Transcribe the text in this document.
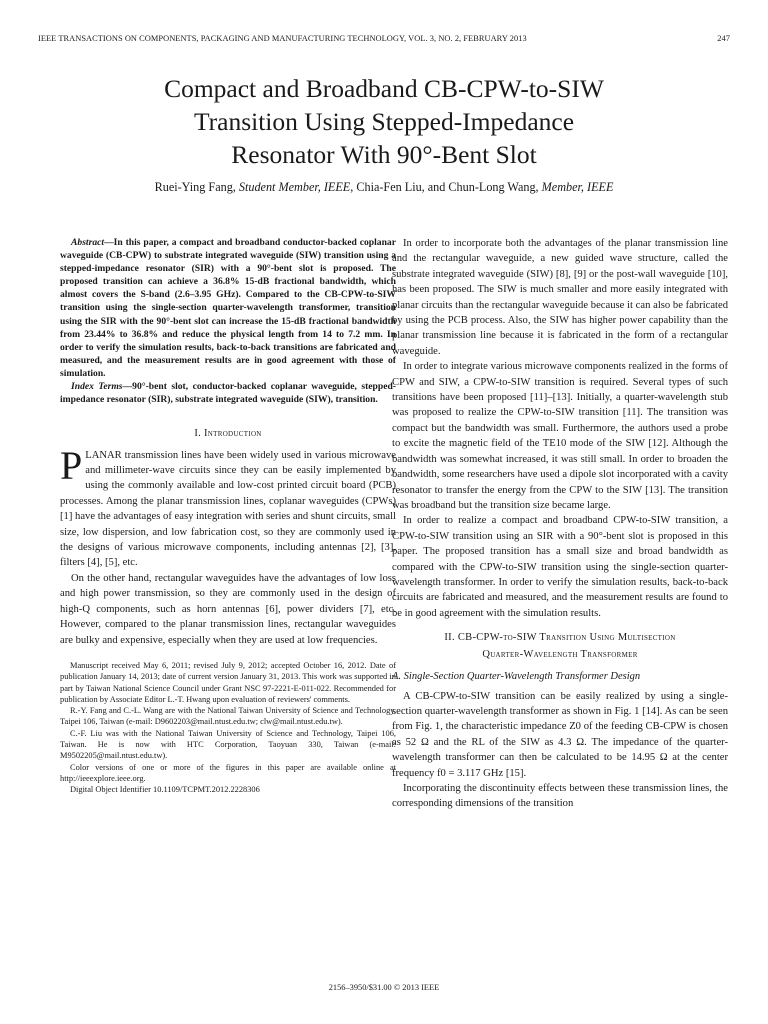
IEEE TRANSACTIONS ON COMPONENTS, PACKAGING AND MANUFACTURING TECHNOLOGY, VOL. 3, NO. 2, FEBRUARY 2013	247
Compact and Broadband CB-CPW-to-SIW
Transition Using Stepped-Impedance
Resonator With 90°-Bent Slot
Ruei-Ying Fang, Student Member, IEEE, Chia-Fen Liu, and Chun-Long Wang, Member, IEEE

Abstract—In this paper, a compact and broadband conductor-backed coplanar waveguide (CB-CPW) to substrate integrated waveguide (SIW) transition using a stepped-impedance resonator (SIR) with a 90°-bent slot is proposed. The proposed transition can achieve a 36.8% 15-dB fractional bandwidth, which almost covers the S-band (2.6–3.95 GHz). Compared to the CB-CPW-to-SIW transition using the single-section quarter-wavelength transformer, transition using the SIR with the 90°-bent slot can increase the 15-dB fractional bandwidth from 23.44% to 36.8% and reduce the physical length from 14 to 7.2 mm. In order to verify the simulation results, back-to-back transitions are fabricated and measured, and the measurement results are in good agreement with those of simulation.

Index Terms—90°-bent slot, conductor-backed coplanar waveguide, stepped-impedance resonator (SIR), substrate integrated waveguide (SIW), transition.

I. Introduction

PLANAR transmission lines have been widely used in various microwave and millimeter-wave circuits since they can be easily implemented by using the commonly available and low-cost printed circuit board (PCB) processes. Among the planar transmission lines, coplanar waveguides (CPWs) [1] have the advantages of easy integration with series and shunt circuits, small size, low dispersion, and low fabrication cost, so they are commonly used in the designs of various microwave components, including antennas [2], [3], filters [4], [5], etc.

On the other hand, rectangular waveguides have the advantages of low loss and high power transmission, so they are commonly used in the design of high-Q components, such as horn antennas [6], power dividers [7], etc. However, compared to the planar transmission lines, rectangular waveguides are bulky and expensive, especially when they are used at low frequencies.

Manuscript received May 6, 2011; revised July 9, 2012; accepted October 16, 2012. Date of publication January 14, 2013; date of current version January 31, 2013. This work was supported in part by Taiwan National Science Council under Grant NSC 97-2221-E-011-022. Recommended for publication by Associate Editor L.-T. Hwang upon evaluation of reviewers' comments.

R.-Y. Fang and C.-L. Wang are with the National Taiwan University of Science and Technology, Taipei 106, Taiwan (e-mail: D9602203@mail.ntust.edu.tw; clw@mail.ntust.edu.tw).

C.-F. Liu was with the National Taiwan University of Science and Technology, Taipei 106, Taiwan. He is now with HTC Corporation, Taoyuan 330, Taiwan (e-mail: M9502205@mail.ntust.edu.tw).

Color versions of one or more of the figures in this paper are available online at http://ieeexplore.ieee.org.

Digital Object Identifier 10.1109/TCPMT.2012.2228306

In order to incorporate both the advantages of the planar transmission line and the rectangular waveguide, a new guided wave structure, called the substrate integrated waveguide (SIW) [8], [9] or the post-wall waveguide [10], has been proposed. The SIW is much smaller and more easily integrated with planar circuits than the rectangular waveguide because it can also be fabricated by using the PCB process. Also, the SIW has higher power capability than the planar transmission line because it is fabricated in the form of a rectangular waveguide.

In order to integrate various microwave components realized in the forms of CPW and SIW, a CPW-to-SIW transition is required. Several types of such transitions have been proposed [11]–[13]. Initially, a quarter-wavelength stub was proposed to realize the CPW-to-SIW transition [11]. The transition was compact but the bandwidth was small. Furthermore, the authors used a probe to excite the magnetic field of the TE10 mode of the SIW [12]. Although the bandwidth was somewhat increased, it was still small. In order to broaden the bandwidth, some researchers have used a dipole slot incorporated with a cavity resonator to transfer the energy from the CPW to the SIW [13]. The transition was broadband but the transition size became large.

In order to realize a compact and broadband CPW-to-SIW transition, a CPW-to-SIW transition using an SIR with a 90°-bent slot is proposed in this paper. The proposed transition has a small size and broad bandwidth as compared with the CPW-to-SIW transition using the single-section quarter-wavelength transformer. In order to verify the simulation results, back-to-back circuits are fabricated and measured, and the measurement results are found to be in good agreement with the simulation results.

II. CB-CPW-to-SIW Transition Using Multisection
Quarter-Wavelength Transformer
A. Single-Section Quarter-Wavelength Transformer Design

A CB-CPW-to-SIW transition can be easily realized by using a single-section quarter-wavelength transformer as shown in Fig. 1 [14]. As can be seen from Fig. 1, the characteristic impedance Z0 of the feeding CB-CPW is chosen as 52 Ω and the RL of the SIW as 4.3 Ω. The impedance of the quarter-wavelength transformer can then be calculated to be 14.95 Ω at the center frequency f0 = 3.117 GHz [15].

Incorporating the discontinuity effects between these transmission lines, the corresponding dimensions of the transition

2156–3950/$31.00 © 2013 IEEE
